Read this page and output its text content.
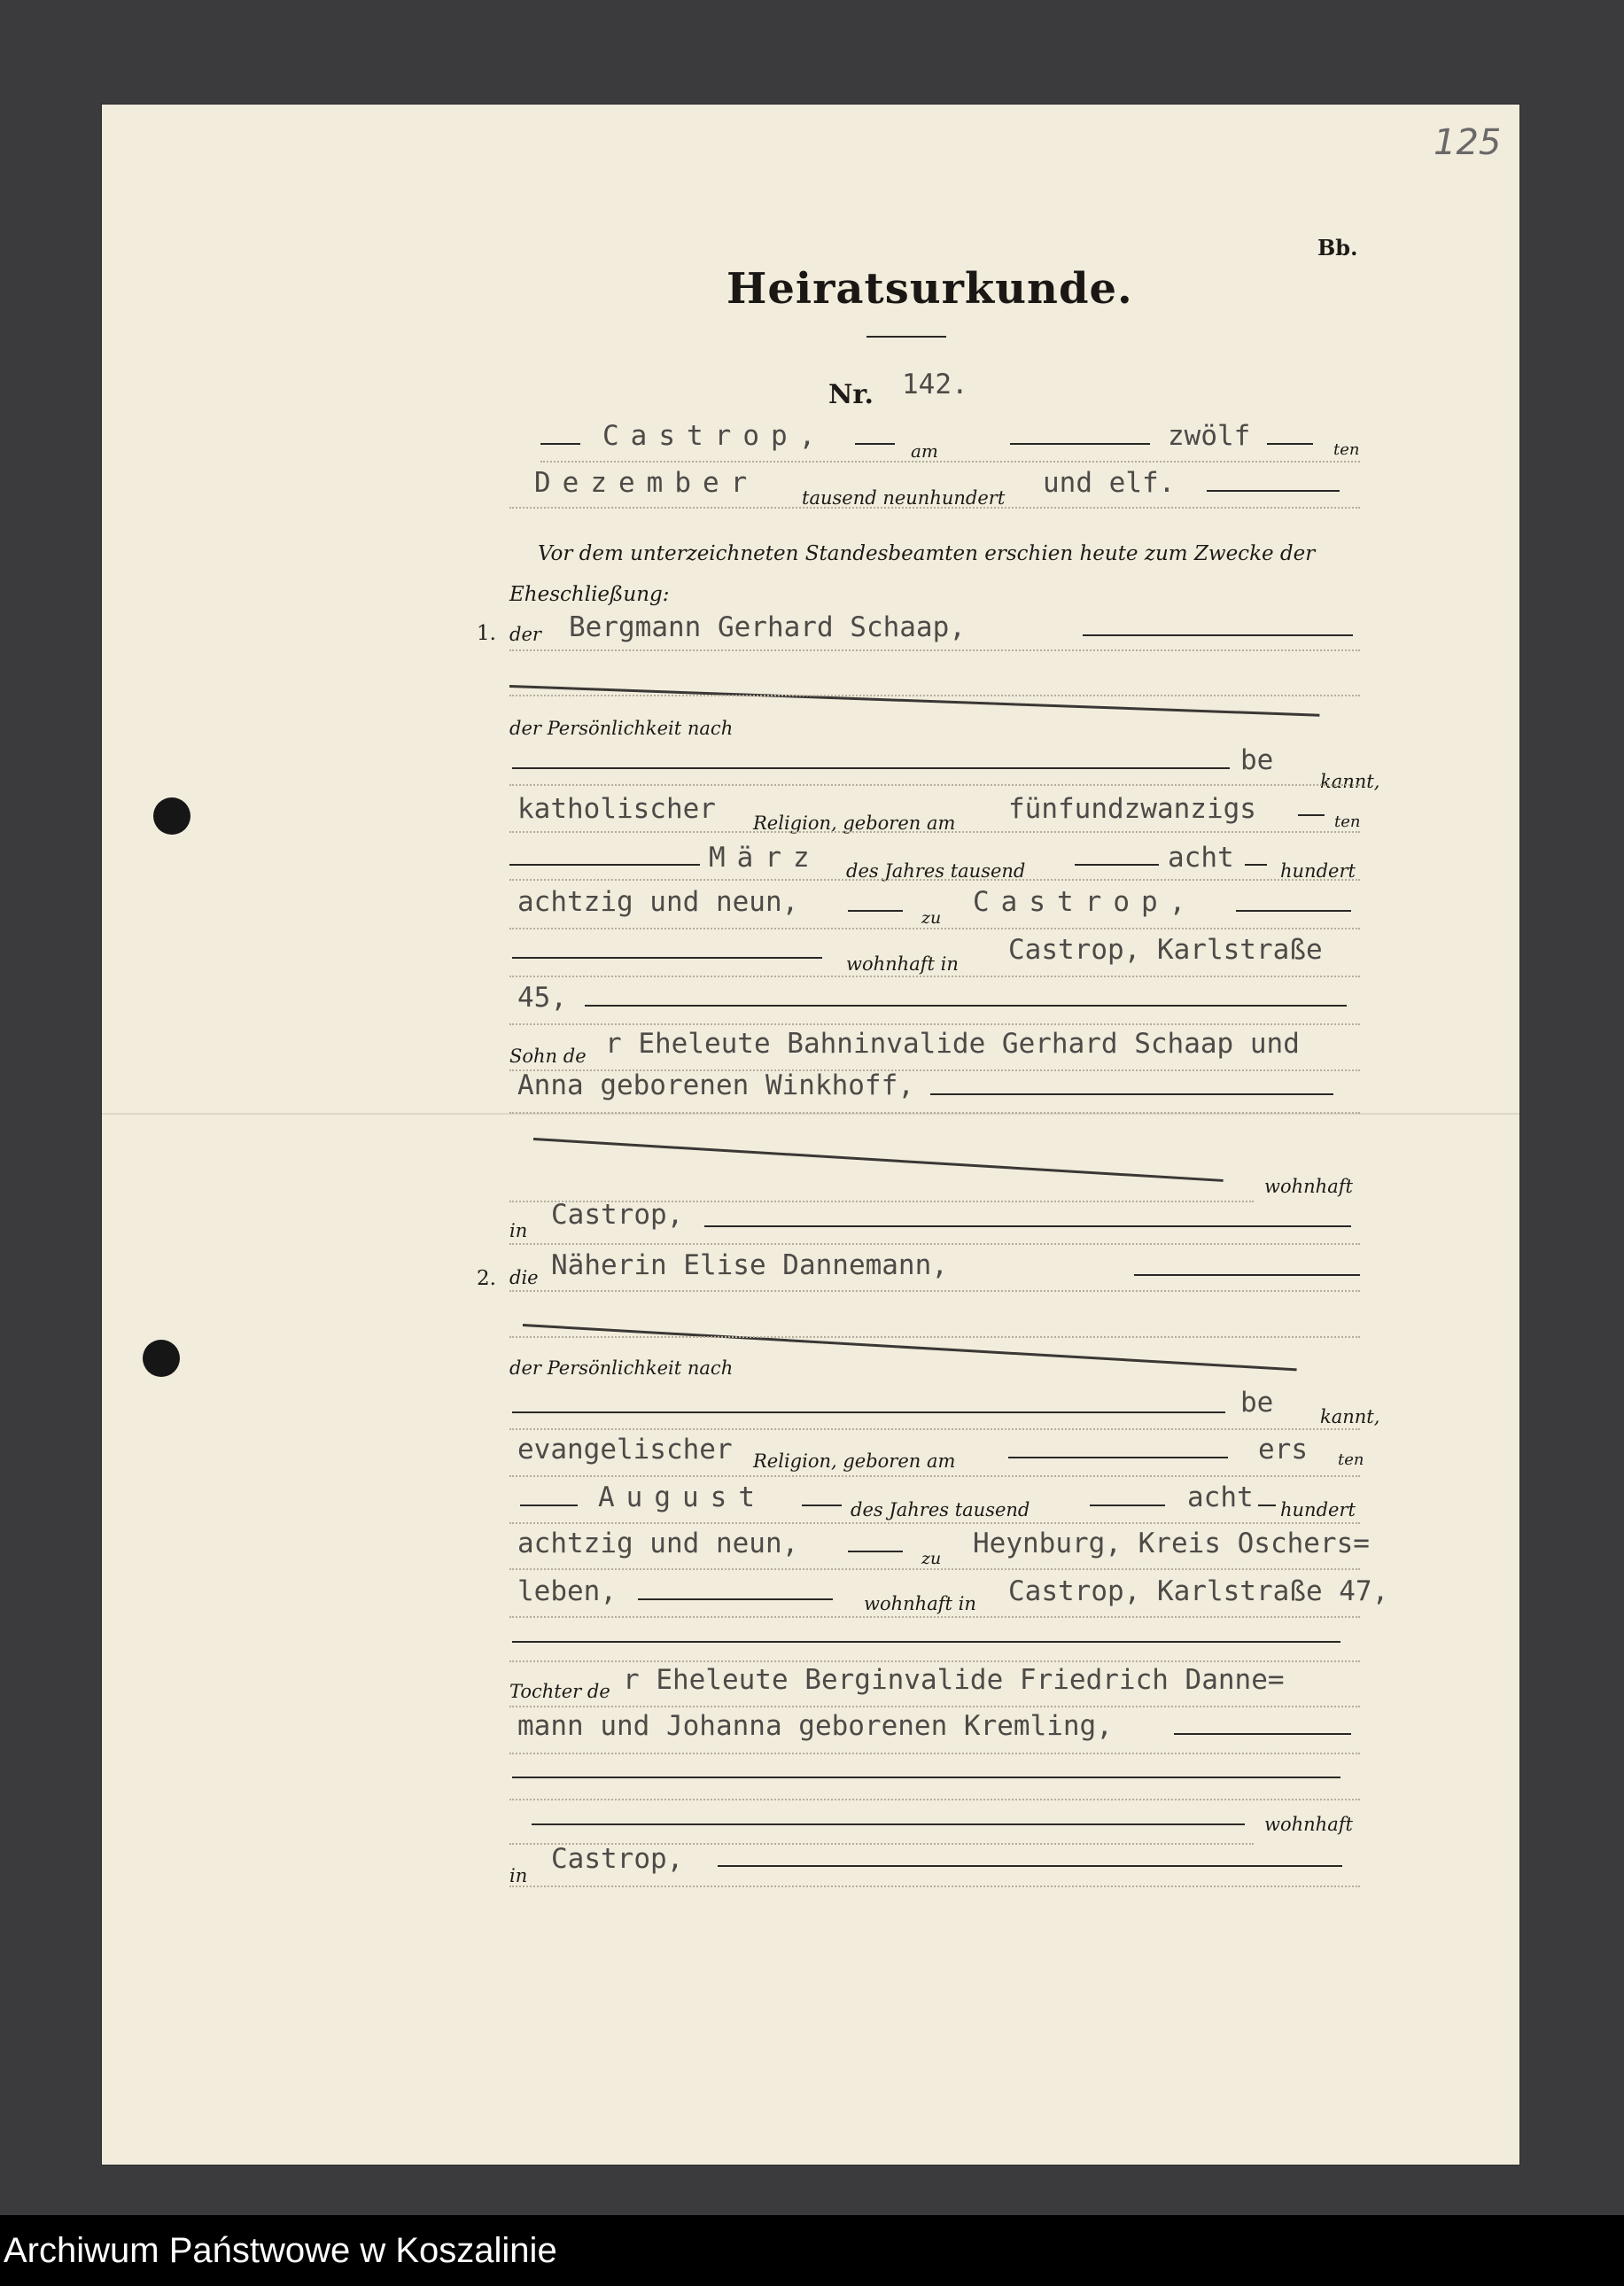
125
Bb.
Heiratsurkunde.
Nr. 142.
Castrop,	am	zwölf	ten
Dezember tausend neunhundert und elf.
Vor dem unterzeichneten Standesbeamten erschien heute zum Zwecke der
Eheschließung:
1. der Bergmann Gerhard Schaap,
der Persönlichkeit nach
be
kannt,
katholischer Religion, geboren am fünfundzwanzigs	ten
März des Jahres tausend	acht hundert
achtzig und neun,	zu Castrop,
wohnhaft in Castrop, Karlstraße
45,
Sohn de r Eheleute Bahninvalide Gerhard Schaap und
Anna geborenen Winkhoff,
wohnhaft
in Castrop,
2. die Näherin Elise Dannemann,
der Persönlichkeit nach
be	kannt,
evangelischer Religion, geboren am	ers ten
August	des Jahres tausend	acht hundert
achtzig und neun,	zu Heynburg, Kreis Oschers=
leben,	wohnhaft in Castrop, Karlstraße 47,
Tochter de r Eheleute Berginvalide Friedrich Danne=
mann und Johanna geborenen Kremling,
wohnhaft
in
Castrop,
Archiwum Państwowe w Koszalinie
